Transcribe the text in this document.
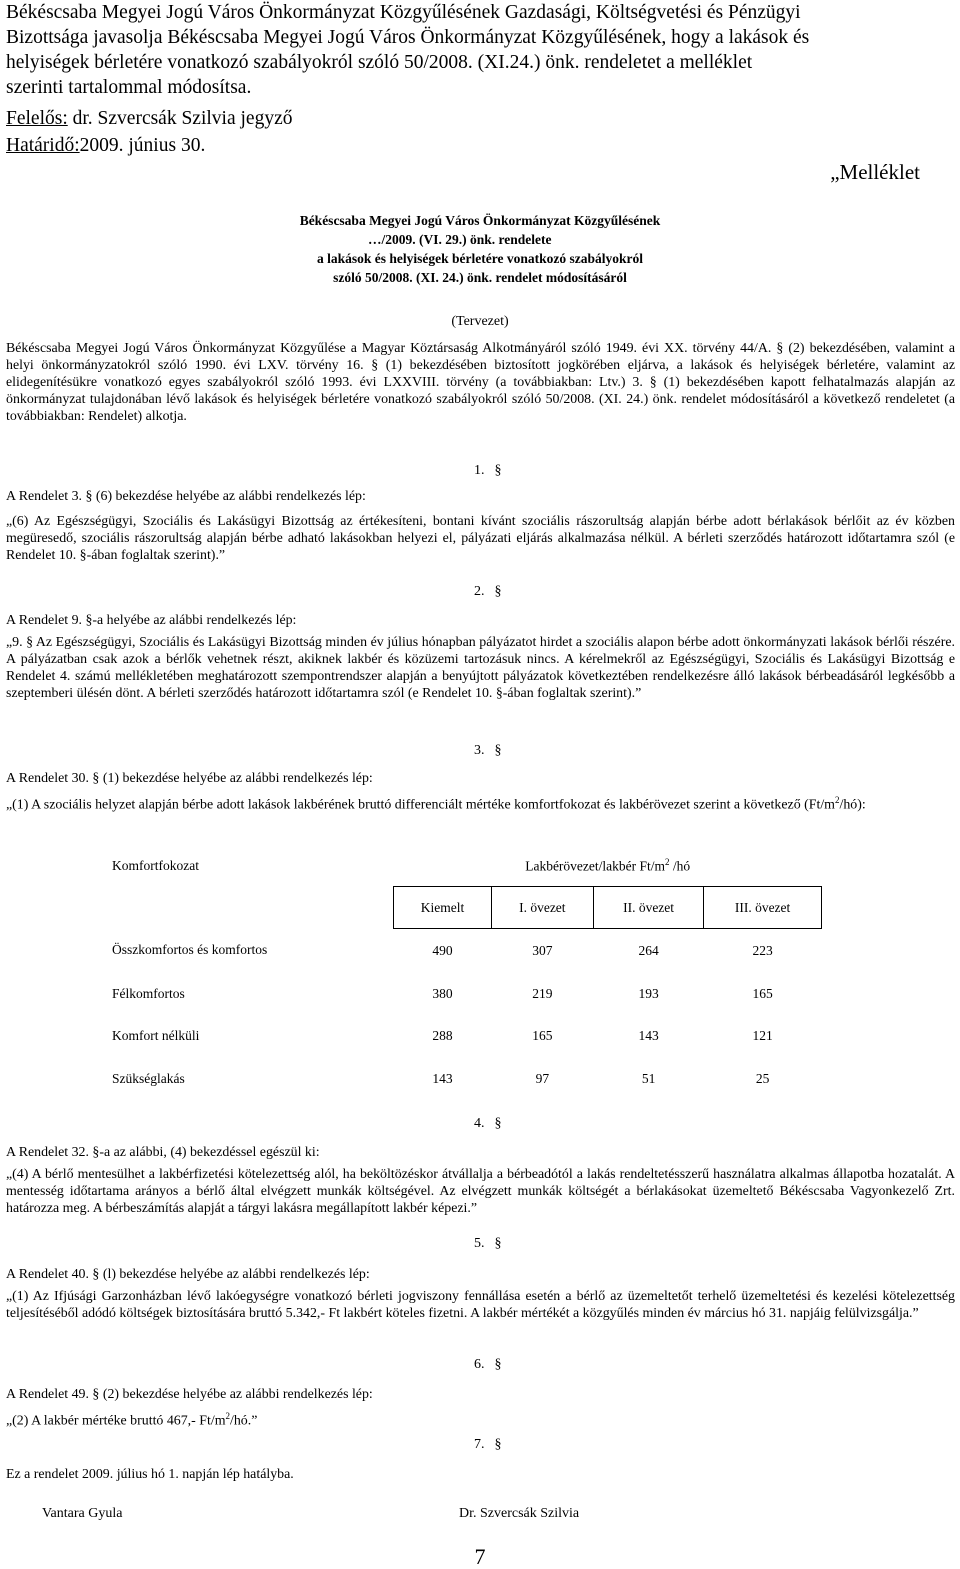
Békéscsaba Megyei Jogú Város Önkormányzat Közgyűlésének Gazdasági, Költségvetési és Pénzügyi
Bizottsága javasolja Békéscsaba Megyei Jogú Város Önkormányzat Közgyűlésének, hogy a lakások és
helyiségek bérletére vonatkozó szabályokról szóló 50/2008. (XI.24.) önk. rendeletet a melléklet
szerinti tartalommal módosítsa.
Felelős: dr. Szvercsák Szilvia jegyző
Határidő:2009. június 30.
„Melléklet
Békéscsaba Megyei Jogú Város Önkormányzat Közgyűlésének
…/2009. (VI. 29.) önk. rendelete
a lakások és helyiségek bérletére vonatkozó szabályokról
szóló 50/2008. (XI. 24.) önk. rendelet módosításáról
(Tervezet)
Békéscsaba Megyei Jogú Város Önkormányzat Közgyűlése a Magyar Köztársaság Alkotmányáról szóló 1949. évi XX. törvény 44/A. § (2) bekezdésében, valamint a helyi önkormányzatokról szóló 1990. évi LXV. törvény 16. § (1) bekezdésében biztosított jogkörében eljárva, a lakások és helyiségek bérletére, valamint az elidegenítésükre vonatkozó egyes szabályokról szóló 1993. évi LXXVIII. törvény (a továbbiakban: Ltv.) 3. § (1) bekezdésében kapott felhatalmazás alapján az önkormányzat tulajdonában lévő lakások és helyiségek bérletére vonatkozó szabályokról szóló 50/2008. (XI. 24.) önk. rendelet módosításáról a következő rendeletet (a továbbiakban: Rendelet) alkotja.
1. §
A Rendelet 3. § (6) bekezdése helyébe az alábbi rendelkezés lép:
„(6) Az Egészségügyi, Szociális és Lakásügyi Bizottság az értékesíteni, bontani kívánt szociális rászorultság alapján bérbe adott bérlakások bérlőit az év közben megüresedő, szociális rászorultság alapján bérbe adható lakásokban helyezi el, pályázati eljárás alkalmazása nélkül. A bérleti szerződés határozott időtartamra szól (e Rendelet 10. §-ában foglaltak szerint).”
2. §
A Rendelet 9. §-a helyébe az alábbi rendelkezés lép:
„9. § Az Egészségügyi, Szociális és Lakásügyi Bizottság minden év július hónapban pályázatot hirdet a szociális alapon bérbe adott önkormányzati lakások bérlői részére. A pályázatban csak azok a bérlők vehetnek részt, akiknek lakbér és közüzemi tartozásuk nincs. A kérelmekről az Egészségügyi, Szociális és Lakásügyi Bizottság e Rendelet 4. számú mellékletében meghatározott szempontrendszer alapján a benyújtott pályázatok következtében rendelkezésre álló lakások bérbeadásáról legkésőbb a szeptemberi ülésén dönt. A bérleti szerződés határozott időtartamra szól (e Rendelet 10. §-ában foglaltak szerint).”
3. §
A Rendelet 30. § (1) bekezdése helyébe az alábbi rendelkezés lép:
„(1) A szociális helyzet alapján bérbe adott lakások lakbérének bruttó differenciált mértéke komfortfokozat és lakbérövezet szerint a következő $(Ft/m^2/hó)$:
Komfortfokozat	Lakbérövezet/lakbér $Ft/m^2$ /hó			
	Kiemelt	I. övezet	II. övezet	III. övezet
Összkomfortos és komfortos	490	307	264	223
Félkomfortos	380	219	193	165
Komfort nélküli	288	165	143	121
Szükséglakás	143	97	51	25
4. §
A Rendelet 32. §-a az alábbi, (4) bekezdéssel egészül ki:
„(4) A bérlő mentesülhet a lakbérfizetési kötelezettség alól, ha beköltözéskor átvállalja a bérbeadótól a lakás rendeltetésszerű használatra alkalmas állapotba hozatalát. A mentesség időtartama arányos a bérlő által elvégzett munkák költségével. Az elvégzett munkák költségét a bérlakásokat üzemeltető Békéscsaba Vagyonkezelő Zrt. határozza meg. A bérbeszámítás alapját a tárgyi lakásra megállapított lakbér képezi.”
5. §
A Rendelet 40. § (l) bekezdése helyébe az alábbi rendelkezés lép:
„(1) Az Ifjúsági Garzonházban lévő lakóegységre vonatkozó bérleti jogviszony fennállása esetén a bérlő az üzemeltetőt terhelő üzemeltetési és kezelési kötelezettség teljesítéséből adódó költségek biztosítására bruttó 5.342,- Ft lakbért köteles fizetni. A lakbér mértékét a közgyűlés minden év március hó 31. napjáig felülvizsgálja.”
6. §
A Rendelet 49. § (2) bekezdése helyébe az alábbi rendelkezés lép:
„(2) A lakbér mértéke bruttó 467,- $Ft/m^2/hó$.”
7. §
Ez a rendelet 2009. július hó 1. napján lép hatályba.
Vantara Gyula	Dr. Szvercsák Szilvia
7
